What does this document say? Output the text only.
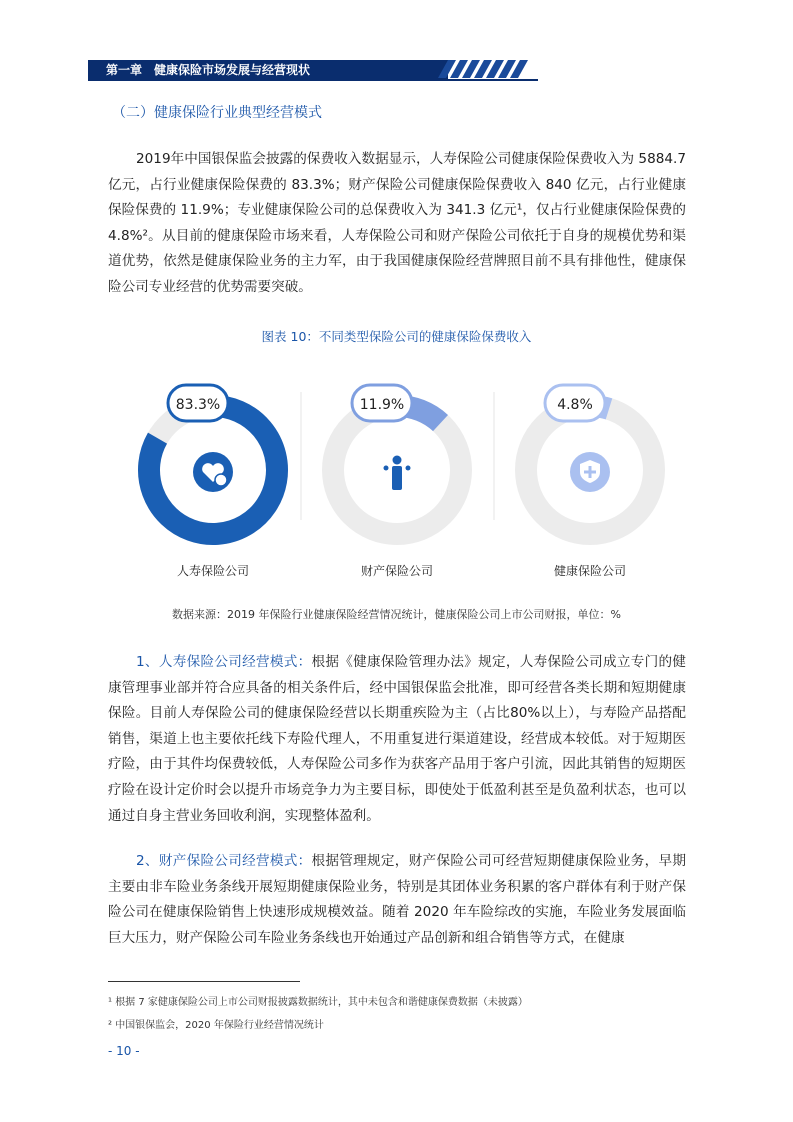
第一章　健康保险市场发展与经营现状
（二）健康保险行业典型经营模式
2019年中国银保监会披露的保费收入数据显示，人寿保险公司健康保险保费收入为 5884.7 亿元，占行业健康保险保费的 83.3%；财产保险公司健康保险保费收入 840 亿元，占行业健康保险保费的 11.9%；专业健康保险公司的总保费收入为 341.3 亿元¹，仅占行业健康保险保费的 4.8%²。从目前的健康保险市场来看，人寿保险公司和财产保险公司依托于自身的规模优势和渠道优势，依然是健康保险业务的主力军，由于我国健康保险经营牌照目前不具有排他性，健康保险公司专业经营的优势需要突破。
图表 10：不同类型保险公司的健康保险保费收入
83.3%
人寿保险公司
11.9%
财产保险公司
4.8%
健康保险公司
数据来源：2019 年保险行业健康保险经营情况统计，健康保险公司上市公司财报，单位：%
1、人寿保险公司经营模式：根据《健康保险管理办法》规定，人寿保险公司成立专门的健康管理事业部并符合应具备的相关条件后，经中国银保监会批准，即可经营各类长期和短期健康保险。目前人寿保险公司的健康保险经营以长期重疾险为主（占比80%以上），与寿险产品搭配销售，渠道上也主要依托线下寿险代理人，不用重复进行渠道建设，经营成本较低。对于短期医疗险，由于其件均保费较低，人寿保险公司多作为获客产品用于客户引流，因此其销售的短期医疗险在设计定价时会以提升市场竞争力为主要目标，即使处于低盈利甚至是负盈利状态，也可以通过自身主营业务回收利润，实现整体盈利。
2、财产保险公司经营模式：根据管理规定，财产保险公司可经营短期健康保险业务，早期主要由非车险业务条线开展短期健康保险业务，特别是其团体业务积累的客户群体有利于财产保险公司在健康保险销售上快速形成规模效益。随着 2020 年车险综改的实施，车险业务发展面临巨大压力，财产保险公司车险业务条线也开始通过产品创新和组合销售等方式，在健康
¹ 根据 7 家健康保险公司上市公司财报披露数据统计，其中未包含和谐健康保费数据（未披露）
² 中国银保监会，2020 年保险行业经营情况统计
- 10 -
